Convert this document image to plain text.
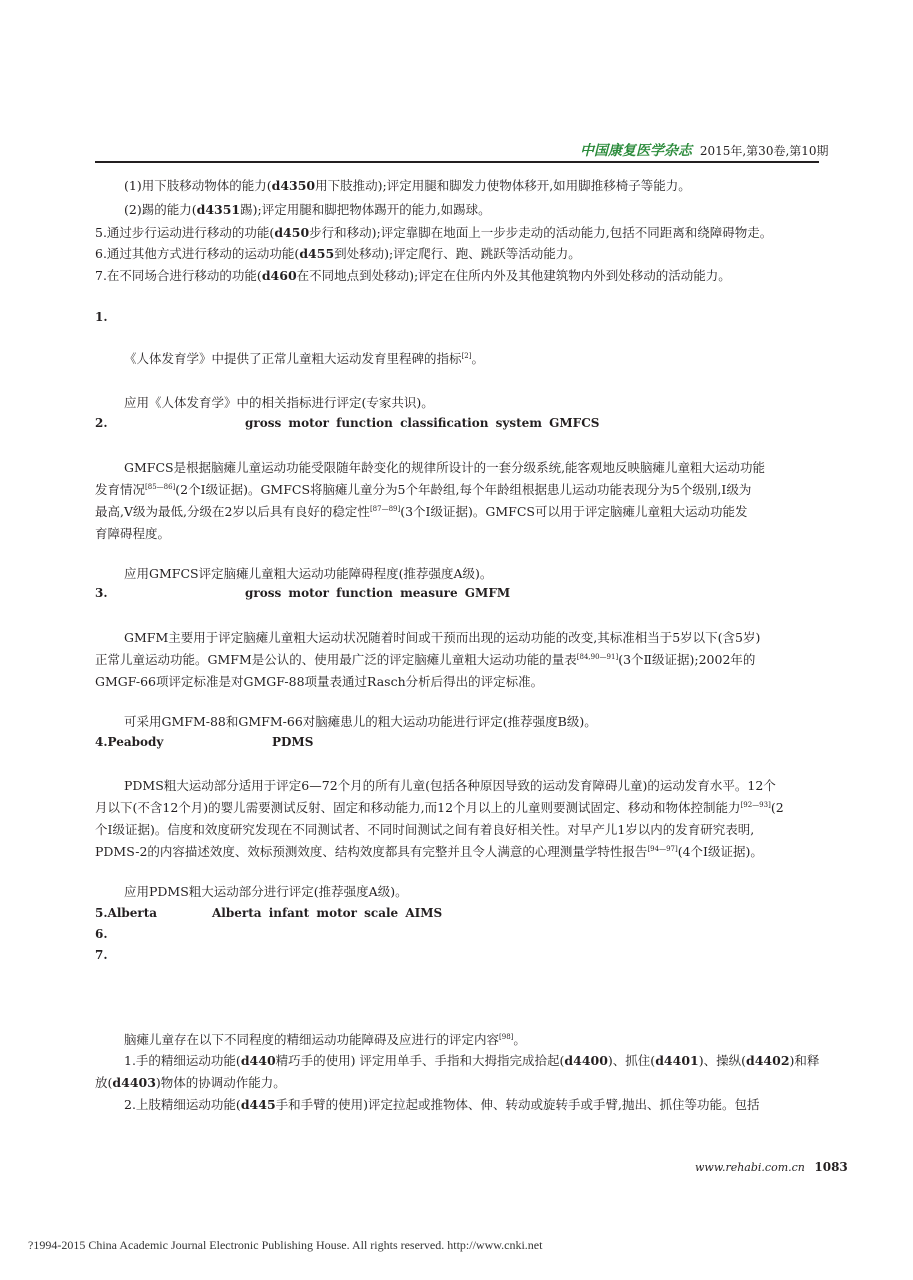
中国康复医学杂志 2015年,第30卷,第10期
(1)用下肢移动物体的能力(d4350用下肢推动);评定用腿和脚发力使物体移开,如用脚推移椅子等能力。
(2)踢的能力(d4351踢);评定用腿和脚把物体踢开的能力,如踢球。
5.通过步行运动进行移动的功能(d450步行和移动);评定靠脚在地面上一步步走动的活动能力,包括不同距离和绕障碍物走。
6.通过其他方式进行移动的运动功能(d455到处移动);评定爬行、跑、跳跃等活动能力。
7.在不同场合进行移动的功能(d460在不同地点到处移动);评定在住所内外及其他建筑物内外到处移动的活动能力。
1.
《人体发育学》中提供了正常儿童粗大运动发育里程碑的指标[2]。
应用《人体发育学》中的相关指标进行评定(专家共识)。
2.	gross motor function classification system GMFCS
GMFCS是根据脑瘫儿童运动功能受限随年龄变化的规律所设计的一套分级系统,能客观地反映脑瘫儿童粗大运动功能
发育情况[85—86](2个Ⅰ级证据)。GMFCS将脑瘫儿童分为5个年龄组,每个年龄组根据患儿运动功能表现分为5个级别,Ⅰ级为
最高,Ⅴ级为最低,分级在2岁以后具有良好的稳定性[87—89](3个Ⅰ级证据)。GMFCS可以用于评定脑瘫儿童粗大运动功能发
育障碍程度。
应用GMFCS评定脑瘫儿童粗大运动功能障碍程度(推荐强度A级)。
3.	gross motor function measure GMFM
GMFM主要用于评定脑瘫儿童粗大运动状况随着时间或干预而出现的运动功能的改变,其标准相当于5岁以下(含5岁)
正常儿童运动功能。GMFM是公认的、使用最广泛的评定脑瘫儿童粗大运动功能的量表[84,90—91](3个Ⅱ级证据);2002年的
GMGF-66项评定标准是对GMGF-88项量表通过Rasch分析后得出的评定标准。
可采用GMFM-88和GMFM-66对脑瘫患儿的粗大运动功能进行评定(推荐强度B级)。
4.Peabody	PDMS
PDMS粗大运动部分适用于评定6—72个月的所有儿童(包括各种原因导致的运动发育障碍儿童)的运动发育水平。12个
月以下(不含12个月)的婴儿需要测试反射、固定和移动能力,而12个月以上的儿童则要测试固定、移动和物体控制能力[92—93](2
个Ⅰ级证据)。信度和效度研究发现在不同测试者、不同时间测试之间有着良好相关性。对早产儿1岁以内的发育研究表明,
PDMS-2的内容描述效度、效标预测效度、结构效度都具有完整并且令人满意的心理测量学特性报告[94—97](4个Ⅰ级证据)。
应用PDMS粗大运动部分进行评定(推荐强度A级)。
5.Alberta	Alberta infant motor scale AIMS
6.
7.
脑瘫儿童存在以下不同程度的精细运动功能障碍及应进行的评定内容[98]。
1.手的精细运动功能(d440精巧手的使用) 评定用单手、手指和大拇指完成拾起(d4400)、抓住(d4401)、操纵(d4402)和释
放(d4403)物体的协调动作能力。
2.上肢精细运动功能(d445手和手臂的使用)评定拉起或推物体、伸、转动或旋转手或手臂,抛出、抓住等功能。包括
www.rehabi.com.cn 1083
?1994-2015 China Academic Journal Electronic Publishing House. All rights reserved. http://www.cnki.net
